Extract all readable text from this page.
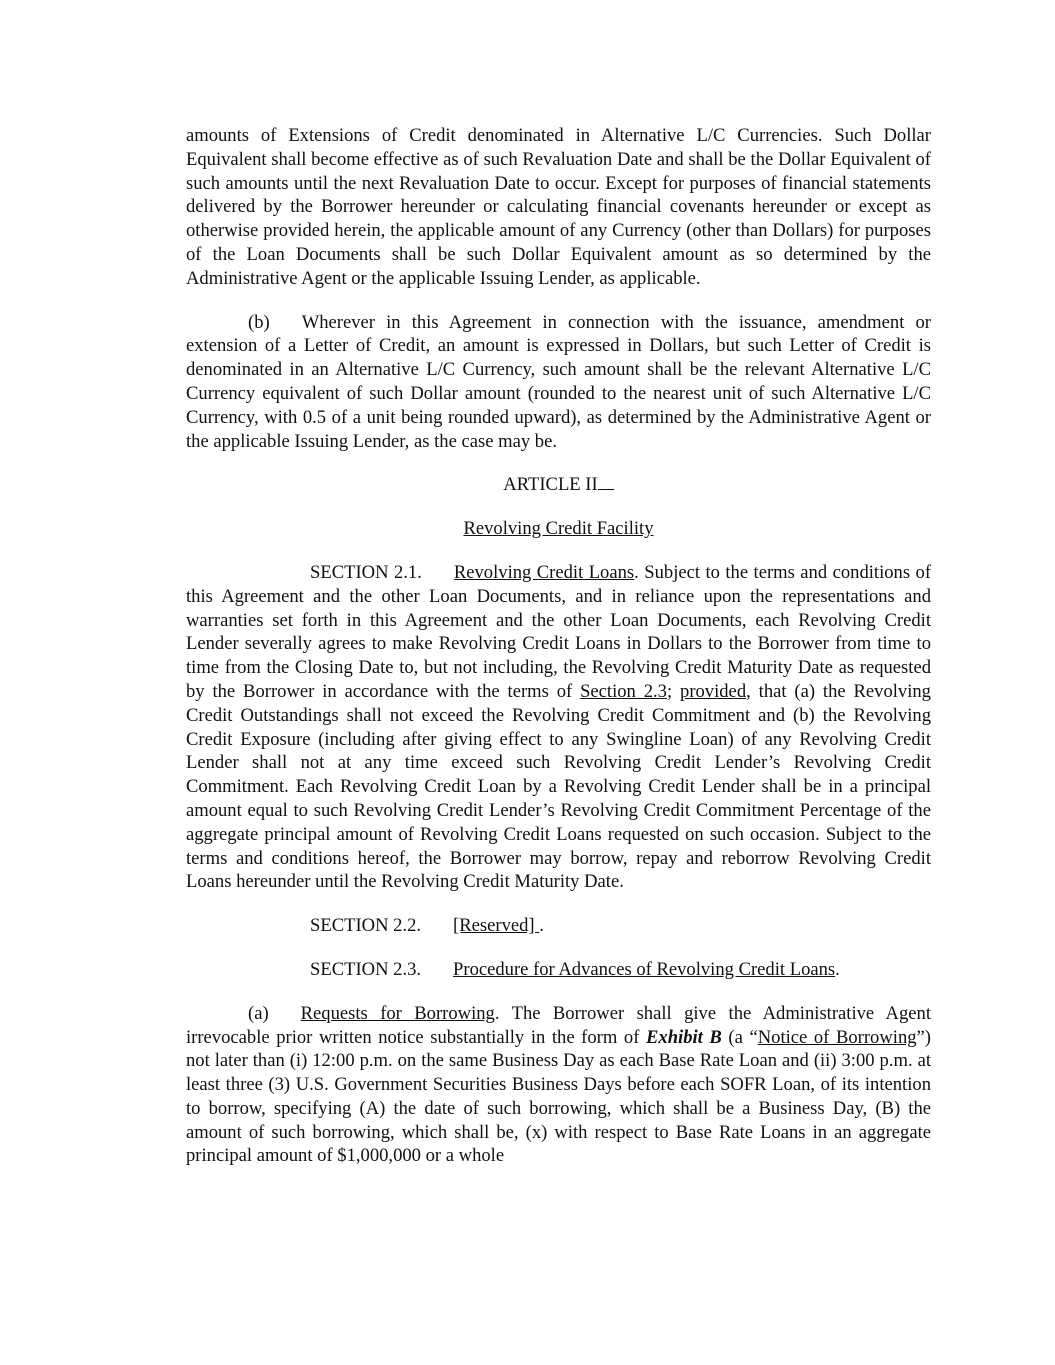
amounts of Extensions of Credit denominated in Alternative L/C Currencies. Such Dollar Equivalent shall become effective as of such Revaluation Date and shall be the Dollar Equivalent of such amounts until the next Revaluation Date to occur. Except for purposes of financial statements delivered by the Borrower hereunder or calculating financial covenants hereunder or except as otherwise provided herein, the applicable amount of any Currency (other than Dollars) for purposes of the Loan Documents shall be such Dollar Equivalent amount as so determined by the Administrative Agent or the applicable Issuing Lender, as applicable.

(b) Wherever in this Agreement in connection with the issuance, amendment or extension of a Letter of Credit, an amount is expressed in Dollars, but such Letter of Credit is denominated in an Alternative L/C Currency, such amount shall be the relevant Alternative L/C Currency equivalent of such Dollar amount (rounded to the nearest unit of such Alternative L/C Currency, with 0.5 of a unit being rounded upward), as determined by the Administrative Agent or the applicable Issuing Lender, as the case may be.

ARTICLE II

Revolving Credit Facility

SECTION 2.1. Revolving Credit Loans. Subject to the terms and conditions of this Agreement and the other Loan Documents, and in reliance upon the representations and warranties set forth in this Agreement and the other Loan Documents, each Revolving Credit Lender severally agrees to make Revolving Credit Loans in Dollars to the Borrower from time to time from the Closing Date to, but not including, the Revolving Credit Maturity Date as requested by the Borrower in accordance with the terms of Section 2.3; provided, that (a) the Revolving Credit Outstandings shall not exceed the Revolving Credit Commitment and (b) the Revolving Credit Exposure (including after giving effect to any Swingline Loan) of any Revolving Credit Lender shall not at any time exceed such Revolving Credit Lender’s Revolving Credit Commitment. Each Revolving Credit Loan by a Revolving Credit Lender shall be in a principal amount equal to such Revolving Credit Lender’s Revolving Credit Commitment Percentage of the aggregate principal amount of Revolving Credit Loans requested on such occasion. Subject to the terms and conditions hereof, the Borrower may borrow, repay and reborrow Revolving Credit Loans hereunder until the Revolving Credit Maturity Date.

SECTION 2.2. [Reserved] .

SECTION 2.3. Procedure for Advances of Revolving Credit Loans.

(a) Requests for Borrowing. The Borrower shall give the Administrative Agent irrevocable prior written notice substantially in the form of Exhibit B (a “Notice of Borrowing”) not later than (i) 12:00 p.m. on the same Business Day as each Base Rate Loan and (ii) 3:00 p.m. at least three (3) U.S. Government Securities Business Days before each SOFR Loan, of its intention to borrow, specifying (A) the date of such borrowing, which shall be a Business Day, (B) the amount of such borrowing, which shall be, (x) with respect to Base Rate Loans in an aggregate principal amount of $1,000,000 or a whole
